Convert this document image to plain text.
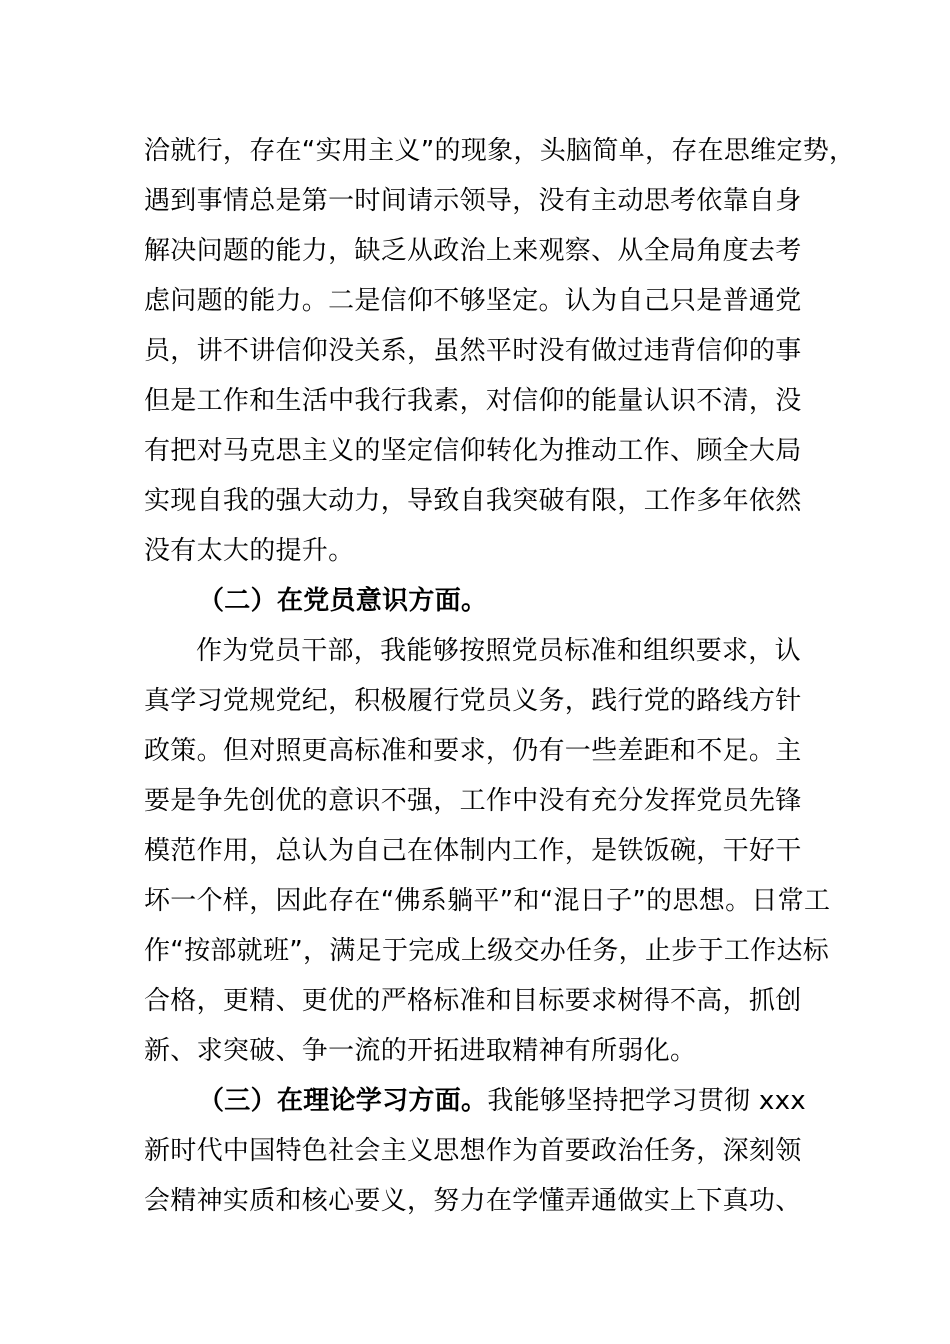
洽就行，存在“实用主义”的现象，头脑简单，存在思维定势，
遇到事情总是第一时间请示领导，没有主动思考依靠自身
解决问题的能力，缺乏从政治上来观察、从全局角度去考
虑问题的能力。二是信仰不够坚定。认为自己只是普通党
员，讲不讲信仰没关系，虽然平时没有做过违背信仰的事
但是工作和生活中我行我素，对信仰的能量认识不清，没
有把对马克思主义的坚定信仰转化为推动工作、顾全大局
实现自我的强大动力，导致自我突破有限，工作多年依然
没有太大的提升。
（二）在党员意识方面。
作为党员干部，我能够按照党员标准和组织要求，认
真学习党规党纪，积极履行党员义务，践行党的路线方针
政策。但对照更高标准和要求，仍有一些差距和不足。主
要是争先创优的意识不强，工作中没有充分发挥党员先锋
模范作用，总认为自己在体制内工作，是铁饭碗，干好干
坏一个样，因此存在“佛系躺平”和“混日子”的思想。日常工
作“按部就班”，满足于完成上级交办任务，止步于工作达标
合格，更精、更优的严格标准和目标要求树得不高，抓创
新、求突破、争一流的开拓进取精神有所弱化。
（三）在理论学习方面。我能够坚持把学习贯彻 xxx
新时代中国特色社会主义思想作为首要政治任务，深刻领
会精神实质和核心要义，努力在学懂弄通做实上下真功、
